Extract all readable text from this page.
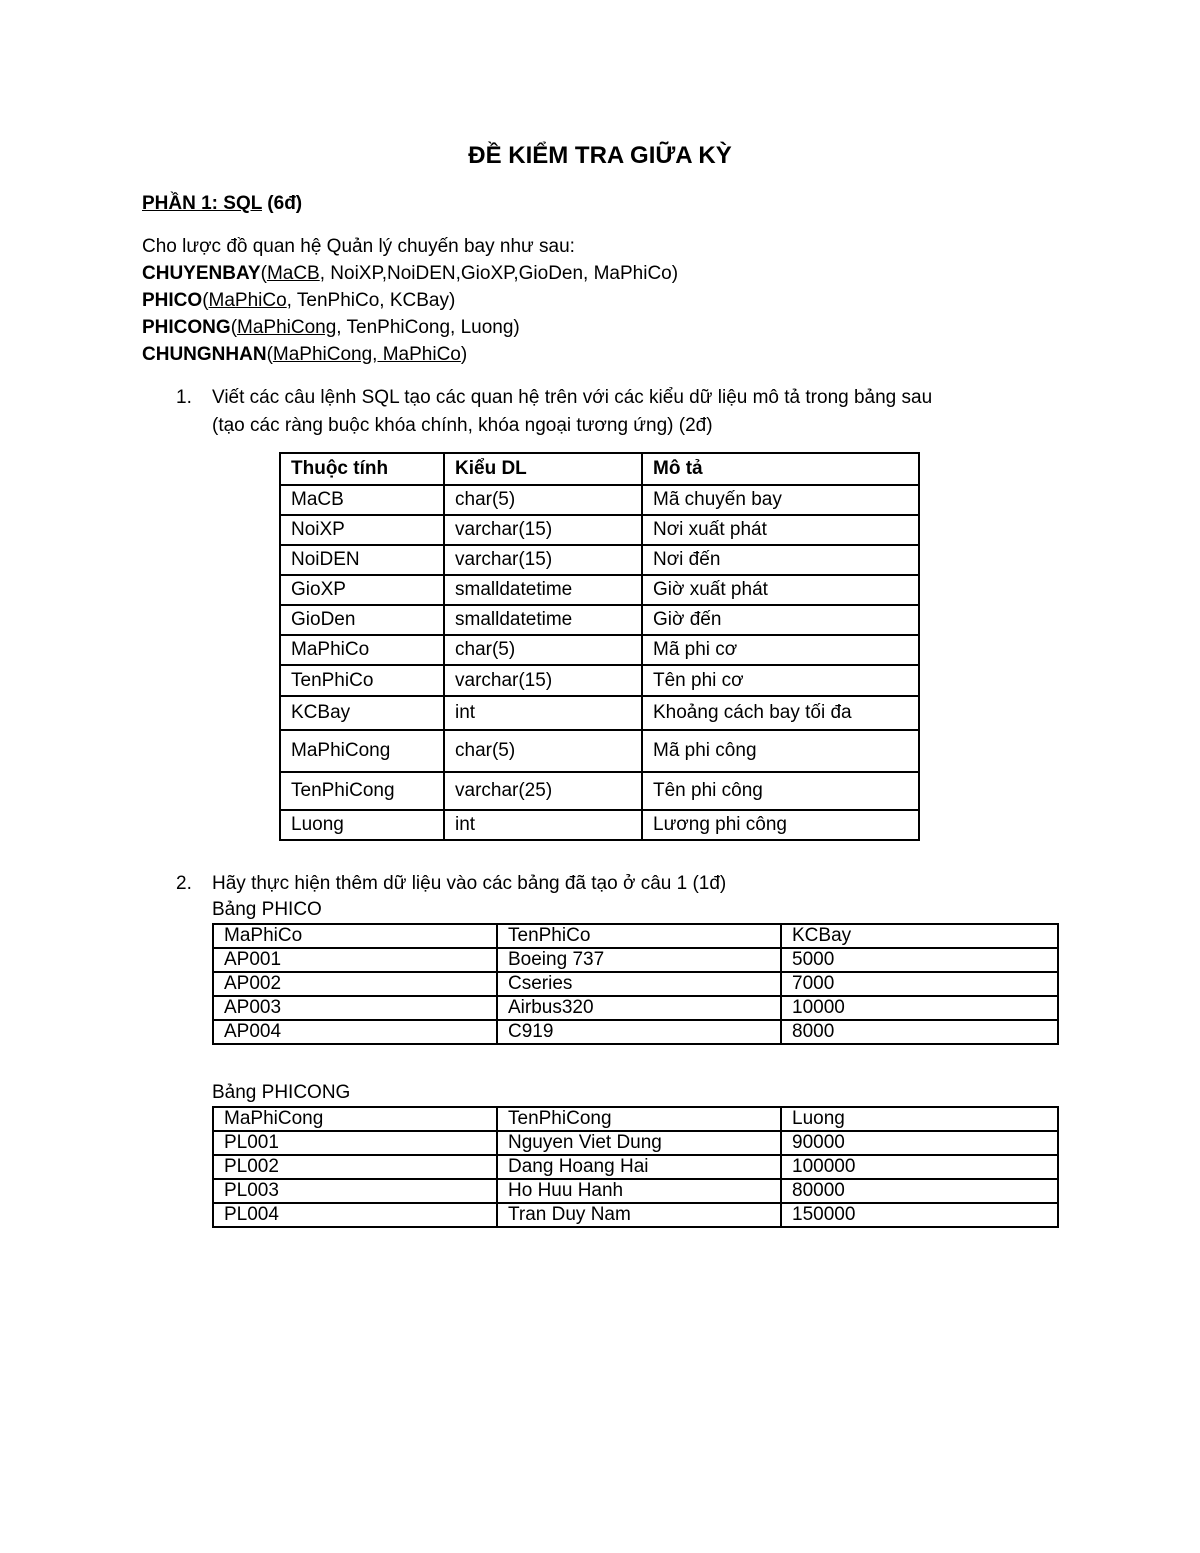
ĐỀ KIỂM TRA GIỮA KỲ
PHẦN 1: SQL (6đ)
Cho lược đồ quan hệ Quản lý chuyến bay như sau:
CHUYENBAY(MaCB, NoiXP,NoiDEN,GioXP,GioDen, MaPhiCo)
PHICO(MaPhiCo, TenPhiCo, KCBay)
PHICONG(MaPhiCong, TenPhiCong, Luong)
CHUNGNHAN(MaPhiCong, MaPhiCo)
1. Viết các câu lệnh SQL tạo các quan hệ trên với các kiểu dữ liệu mô tả trong bảng sau
(tạo các ràng buộc khóa chính, khóa ngoại tương ứng) (2đ)
Thuộc tính	Kiểu DL	Mô tả
MaCB	char(5)	Mã chuyến bay
NoiXP	varchar(15)	Nơi xuất phát
NoiDEN	varchar(15)	Nơi đến
GioXP	smalldatetime	Giờ xuất phát
GioDen	smalldatetime	Giờ đến
MaPhiCo	char(5)	Mã phi cơ
TenPhiCo	varchar(15)	Tên phi cơ
KCBay	int	Khoảng cách bay tối đa
MaPhiCong	char(5)	Mã phi công
TenPhiCong	varchar(25)	Tên phi công
Luong	int	Lương phi công
2. Hãy thực hiện thêm dữ liệu vào các bảng đã tạo ở câu 1 (1đ)
Bảng PHICO
MaPhiCo	TenPhiCo	KCBay
AP001	Boeing 737	5000
AP002	Cseries	7000
AP003	Airbus320	10000
AP004	C919	8000
Bảng PHICONG
MaPhiCong	TenPhiCong	Luong
PL001	Nguyen Viet Dung	90000
PL002	Dang Hoang Hai	100000
PL003	Ho Huu Hanh	80000
PL004	Tran Duy Nam	150000
